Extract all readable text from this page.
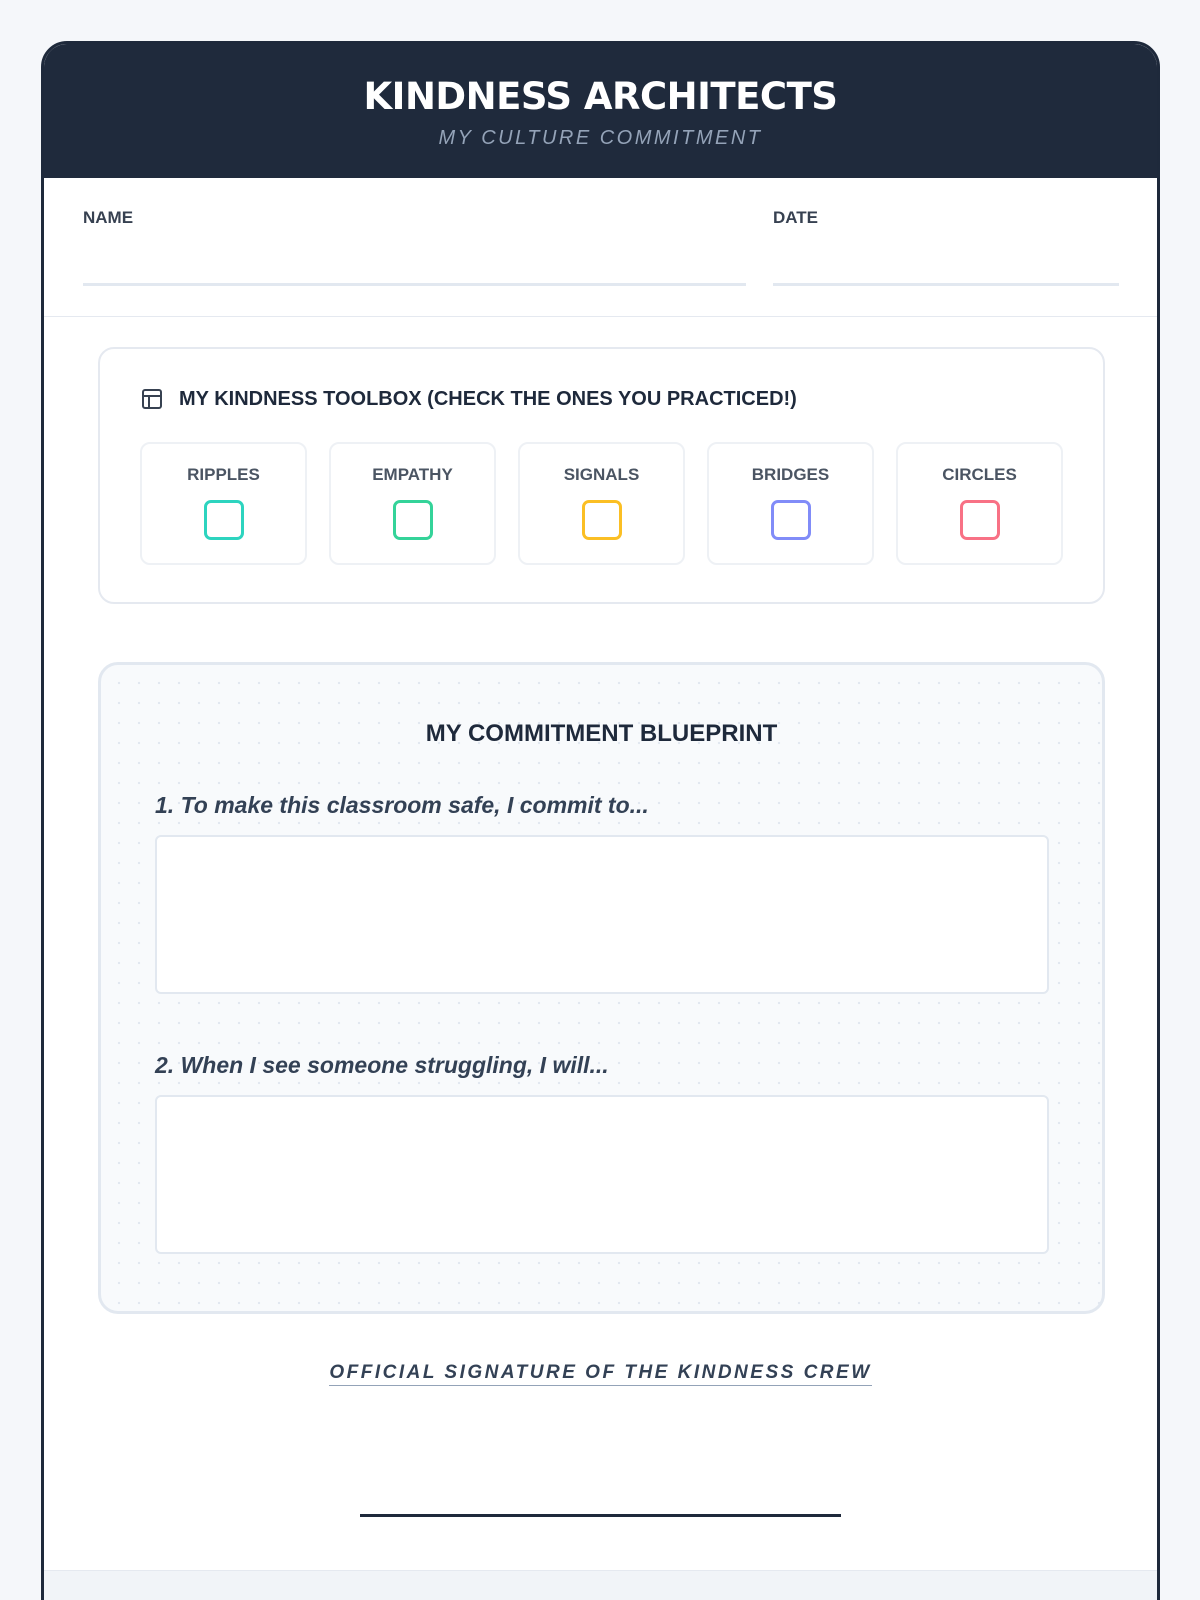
KINDNESS ARCHITECTS
MY CULTURE COMMITMENT
NAME	DATE
MY KINDNESS TOOLBOX (CHECK THE ONES YOU PRACTICED!)
RIPPLES	EMPATHY	SIGNALS	BRIDGES	CIRCLES
MY COMMITMENT BLUEPRINT
1. To make this classroom safe, I commit to...
2. When I see someone struggling, I will...
OFFICIAL SIGNATURE OF THE KINDNESS CREW
